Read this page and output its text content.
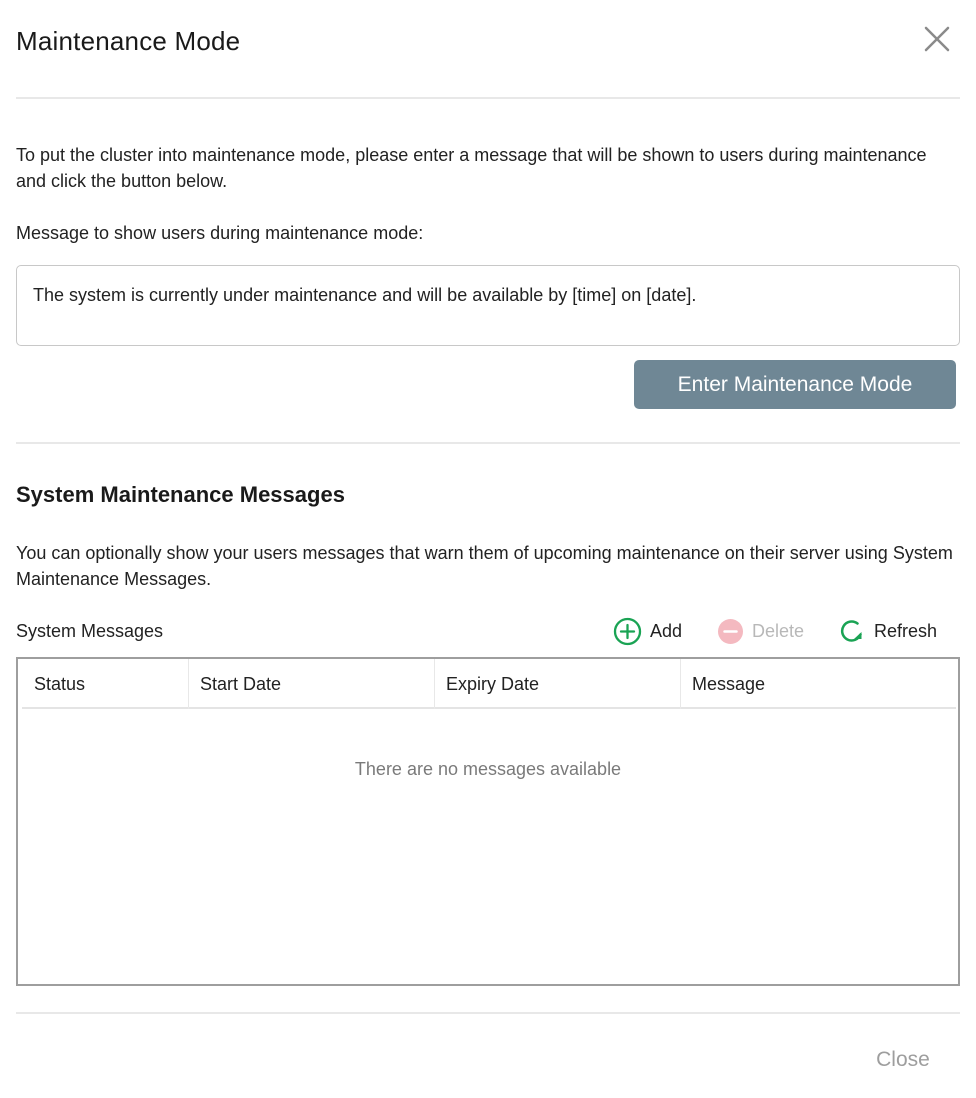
Maintenance Mode

To put the cluster into maintenance mode, please enter a message that will be shown to users during maintenance and click the button below.

Message to show users during maintenance mode:
The system is currently under maintenance and will be available by [time] on [date].
Enter Maintenance Mode
System Maintenance Messages

You can optionally show your users messages that warn them of upcoming maintenance on their server using System Maintenance Messages.

System Messages	Add	Delete	Refresh
Status	Start Date	Expiry Date	Message
There are no messages available
Close
